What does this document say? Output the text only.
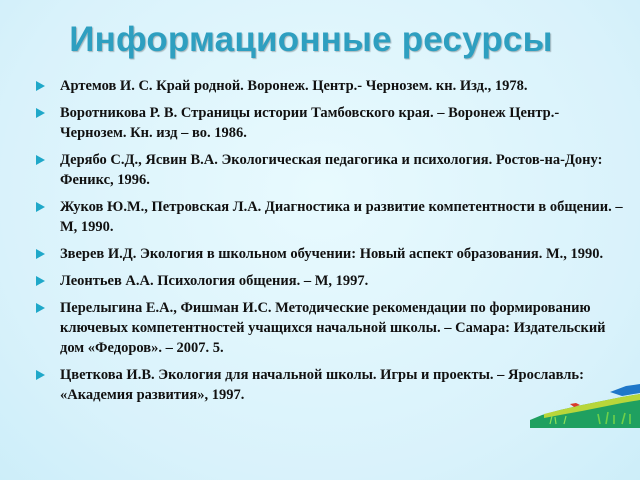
Информационные ресурсы
Артемов И. С. Край родной. Воронеж. Центр.- Чернозем. кн. Изд., 1978.
Воротникова Р. В. Страницы истории Тамбовского края. – Воронеж Центр.- Чернозем. Кн. изд – во. 1986.
Дерябо С.Д., Ясвин В.А. Экологическая педагогика и психология. Ростов-на-Дону: Феникс, 1996.
Жуков Ю.М., Петровская Л.А. Диагностика и развитие компетентности в общении. – М, 1990.
Зверев И.Д. Экология в школьном обучении: Новый аспект образования. М., 1990.
Леонтьев А.А. Психология общения. – М, 1997.
Перелыгина Е.А., Фишман И.С. Методические рекомендации по формированию ключевых компетентностей учащихся начальной школы. – Самара: Издательский дом «Федоров». – 2007. 5.
Цветкова И.В. Экология для начальной школы. Игры и проекты. – Ярославль: «Академия развития», 1997.
